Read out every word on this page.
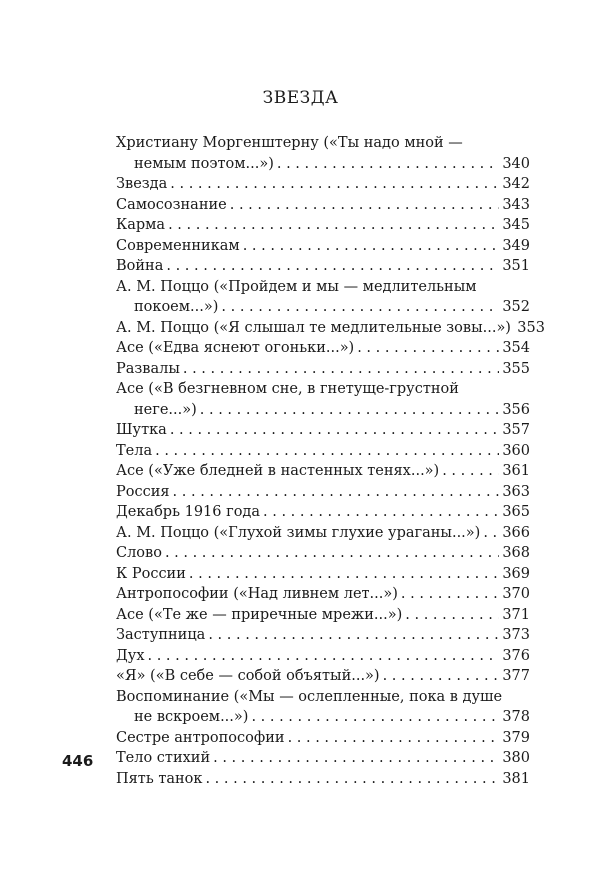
ЗВЕЗДА
Христиану Моргенштерну («Ты надо мной —
немым поэтом...») . . .	340
Звезда . . .	342
Самосознание . . .	343
Карма . . .	345
Современникам . . .	349
Война . . .	351
А. М. Поццо («Пройдем и мы — медлительным
покоем...») . . .	352
А. М. Поццо («Я слышал те медлительные зовы...») 353
Асе («Едва яснеют огоньки...») . . .	354
Развалы . . .	355
Асе («В безгневном сне, в гнетуще-грустной
неге...») . . .	356
Шутка . . .	357
Тела . . .	360
Асе («Уже бледней в настенных тенях...») . . .	361
Россия . . .	363
Декабрь 1916 года . . .	365
А. М. Поццо («Глухой зимы глухие ураганы...») . . . 366
Слово . . .	368
К России . . .	369
Антропософии («Над ливнем лет...») . . .	370
Асе («Те же — приречные мрежи...») . . .	371
Заступница . . .	373
Дух . . .	376
«Я» («В себе — собой объятый...») . . .	377
Воспоминание («Мы — ослепленные, пока в душе
не вскроем...») . . .	378
Сестре антропософии . . .	379
Тело стихий . . .	380
Пять танок . . .	381
446
